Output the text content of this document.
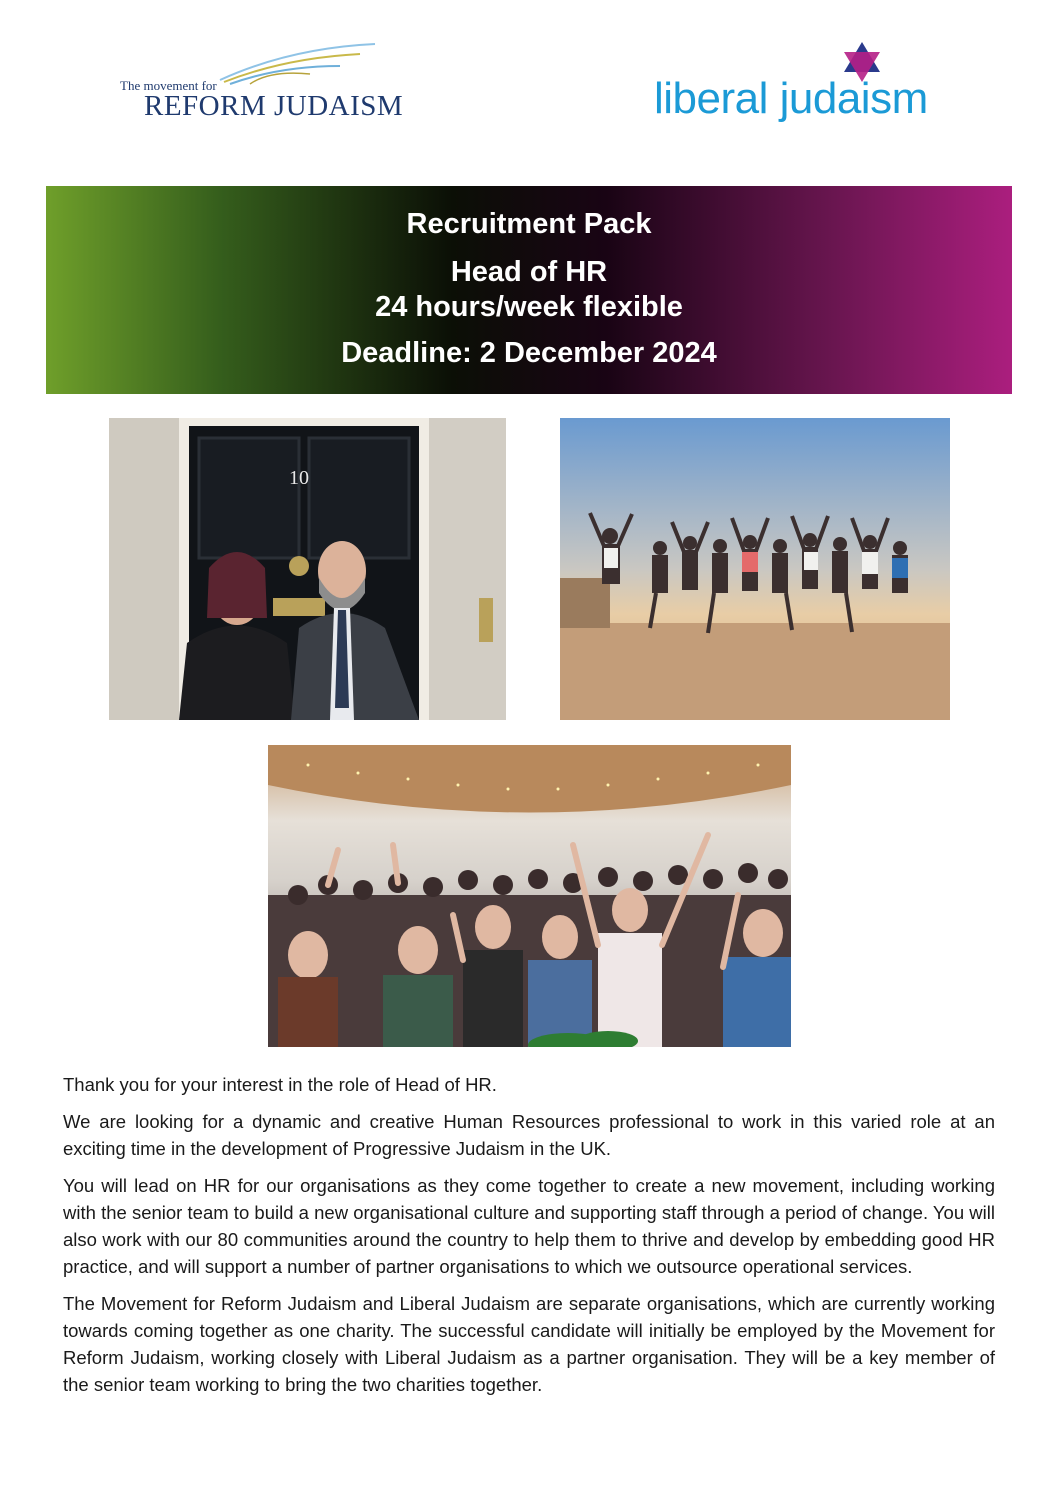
The movement for
REFORM JUDAISM	liberal judaism
Recruitment Pack
Head of HR
24 hours/week flexible
Deadline: 2 December 2024
10

Thank you for your interest in the role of Head of HR.

We are looking for a dynamic and creative Human Resources professional to work in this varied role at an exciting time in the development of Progressive Judaism in the UK.

You will lead on HR for our organisations as they come together to create a new movement, including working with the senior team to build a new organisational culture and supporting staff through a period of change. You will also work with our 80 communities around the country to help them to thrive and develop by embedding good HR practice, and will support a number of partner organisations to which we outsource operational services.

The Movement for Reform Judaism and Liberal Judaism are separate organisations, which are currently working towards coming together as one charity. The successful candidate will initially be employed by the Movement for Reform Judaism, working closely with Liberal Judaism as a partner organisation. They will be a key member of the senior team working to bring the two charities together.
